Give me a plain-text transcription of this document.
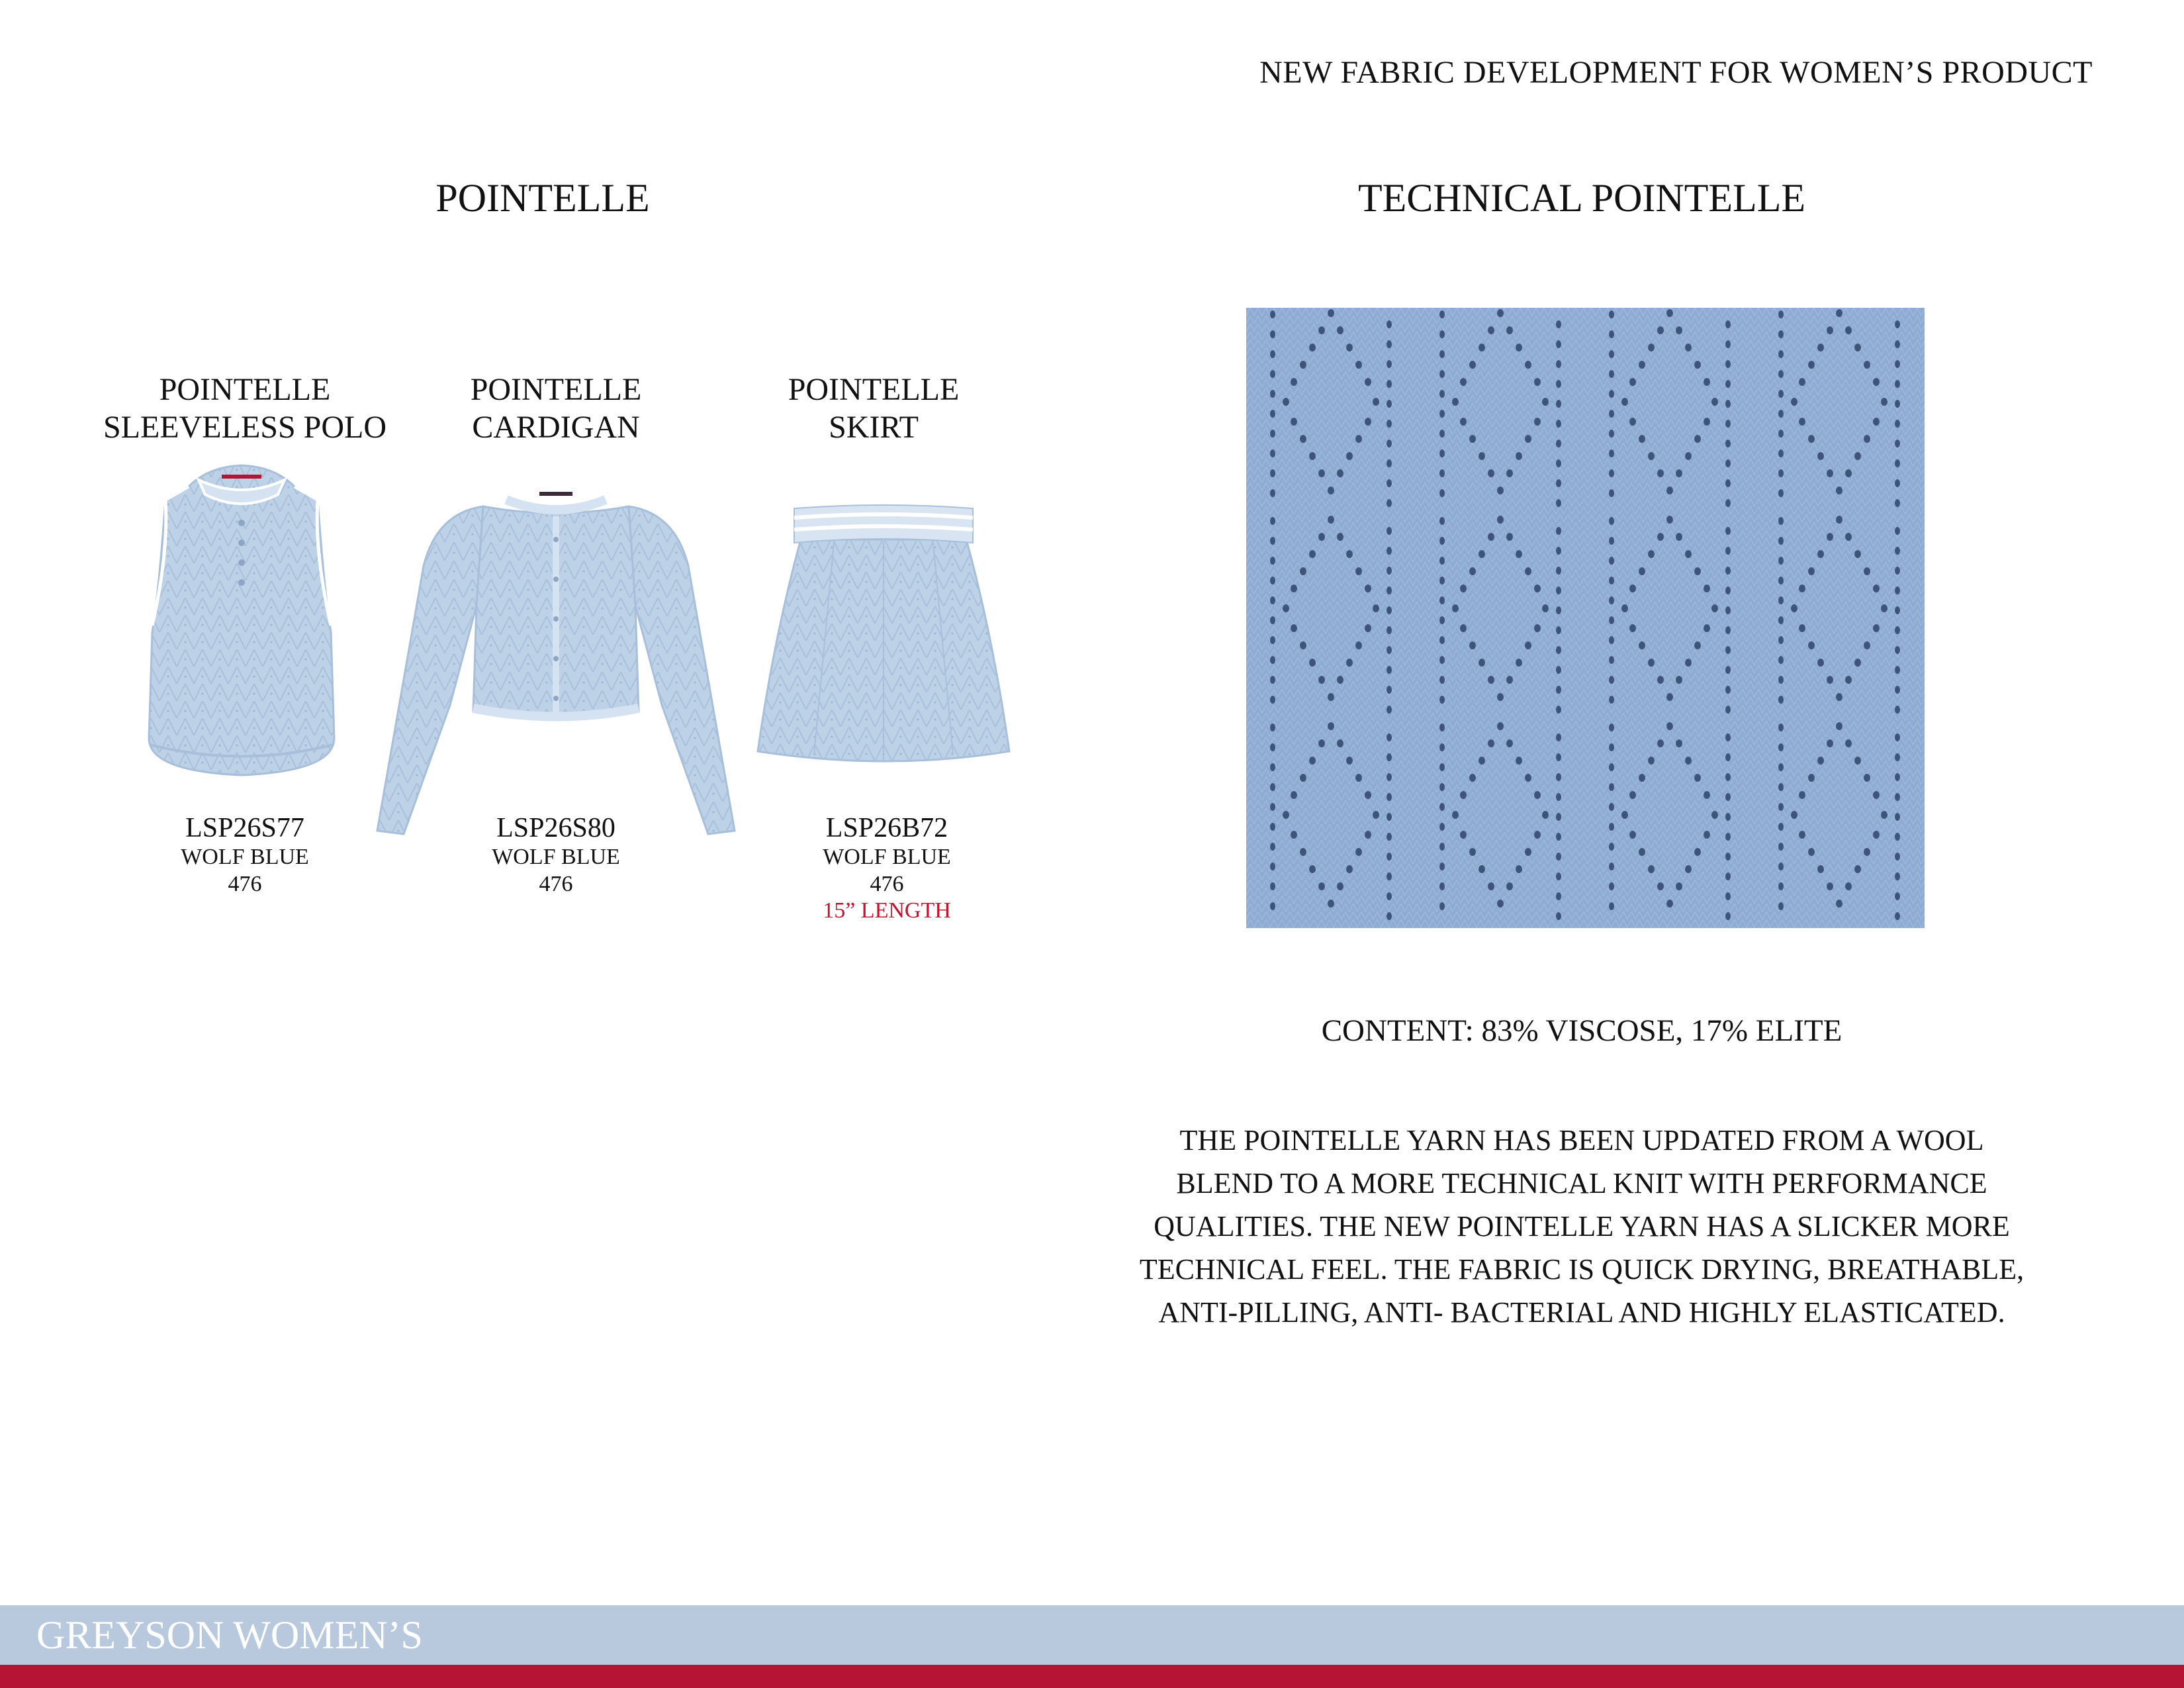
NEW FABRIC DEVELOPMENT FOR WOMEN’S PRODUCT
POINTELLE	TECHNICAL POINTELLE
POINTELLE
SLEEVELESS POLO
POINTELLE
CARDIGAN
POINTELLE
SKIRT
LSP26S77
WOLF BLUE
476
LSP26S80
WOLF BLUE
476
LSP26B72
WOLF BLUE
476
15” LENGTH
CONTENT: 83% VISCOSE, 17% ELITE
THE POINTELLE YARN HAS BEEN UPDATED FROM A WOOL
BLEND TO A MORE TECHNICAL KNIT WITH PERFORMANCE
QUALITIES. THE NEW POINTELLE YARN HAS A SLICKER MORE
TECHNICAL FEEL. THE FABRIC IS QUICK DRYING, BREATHABLE,
ANTI-PILLING, ANTI- BACTERIAL AND HIGHLY ELASTICATED.
GREYSON WOMEN’S
